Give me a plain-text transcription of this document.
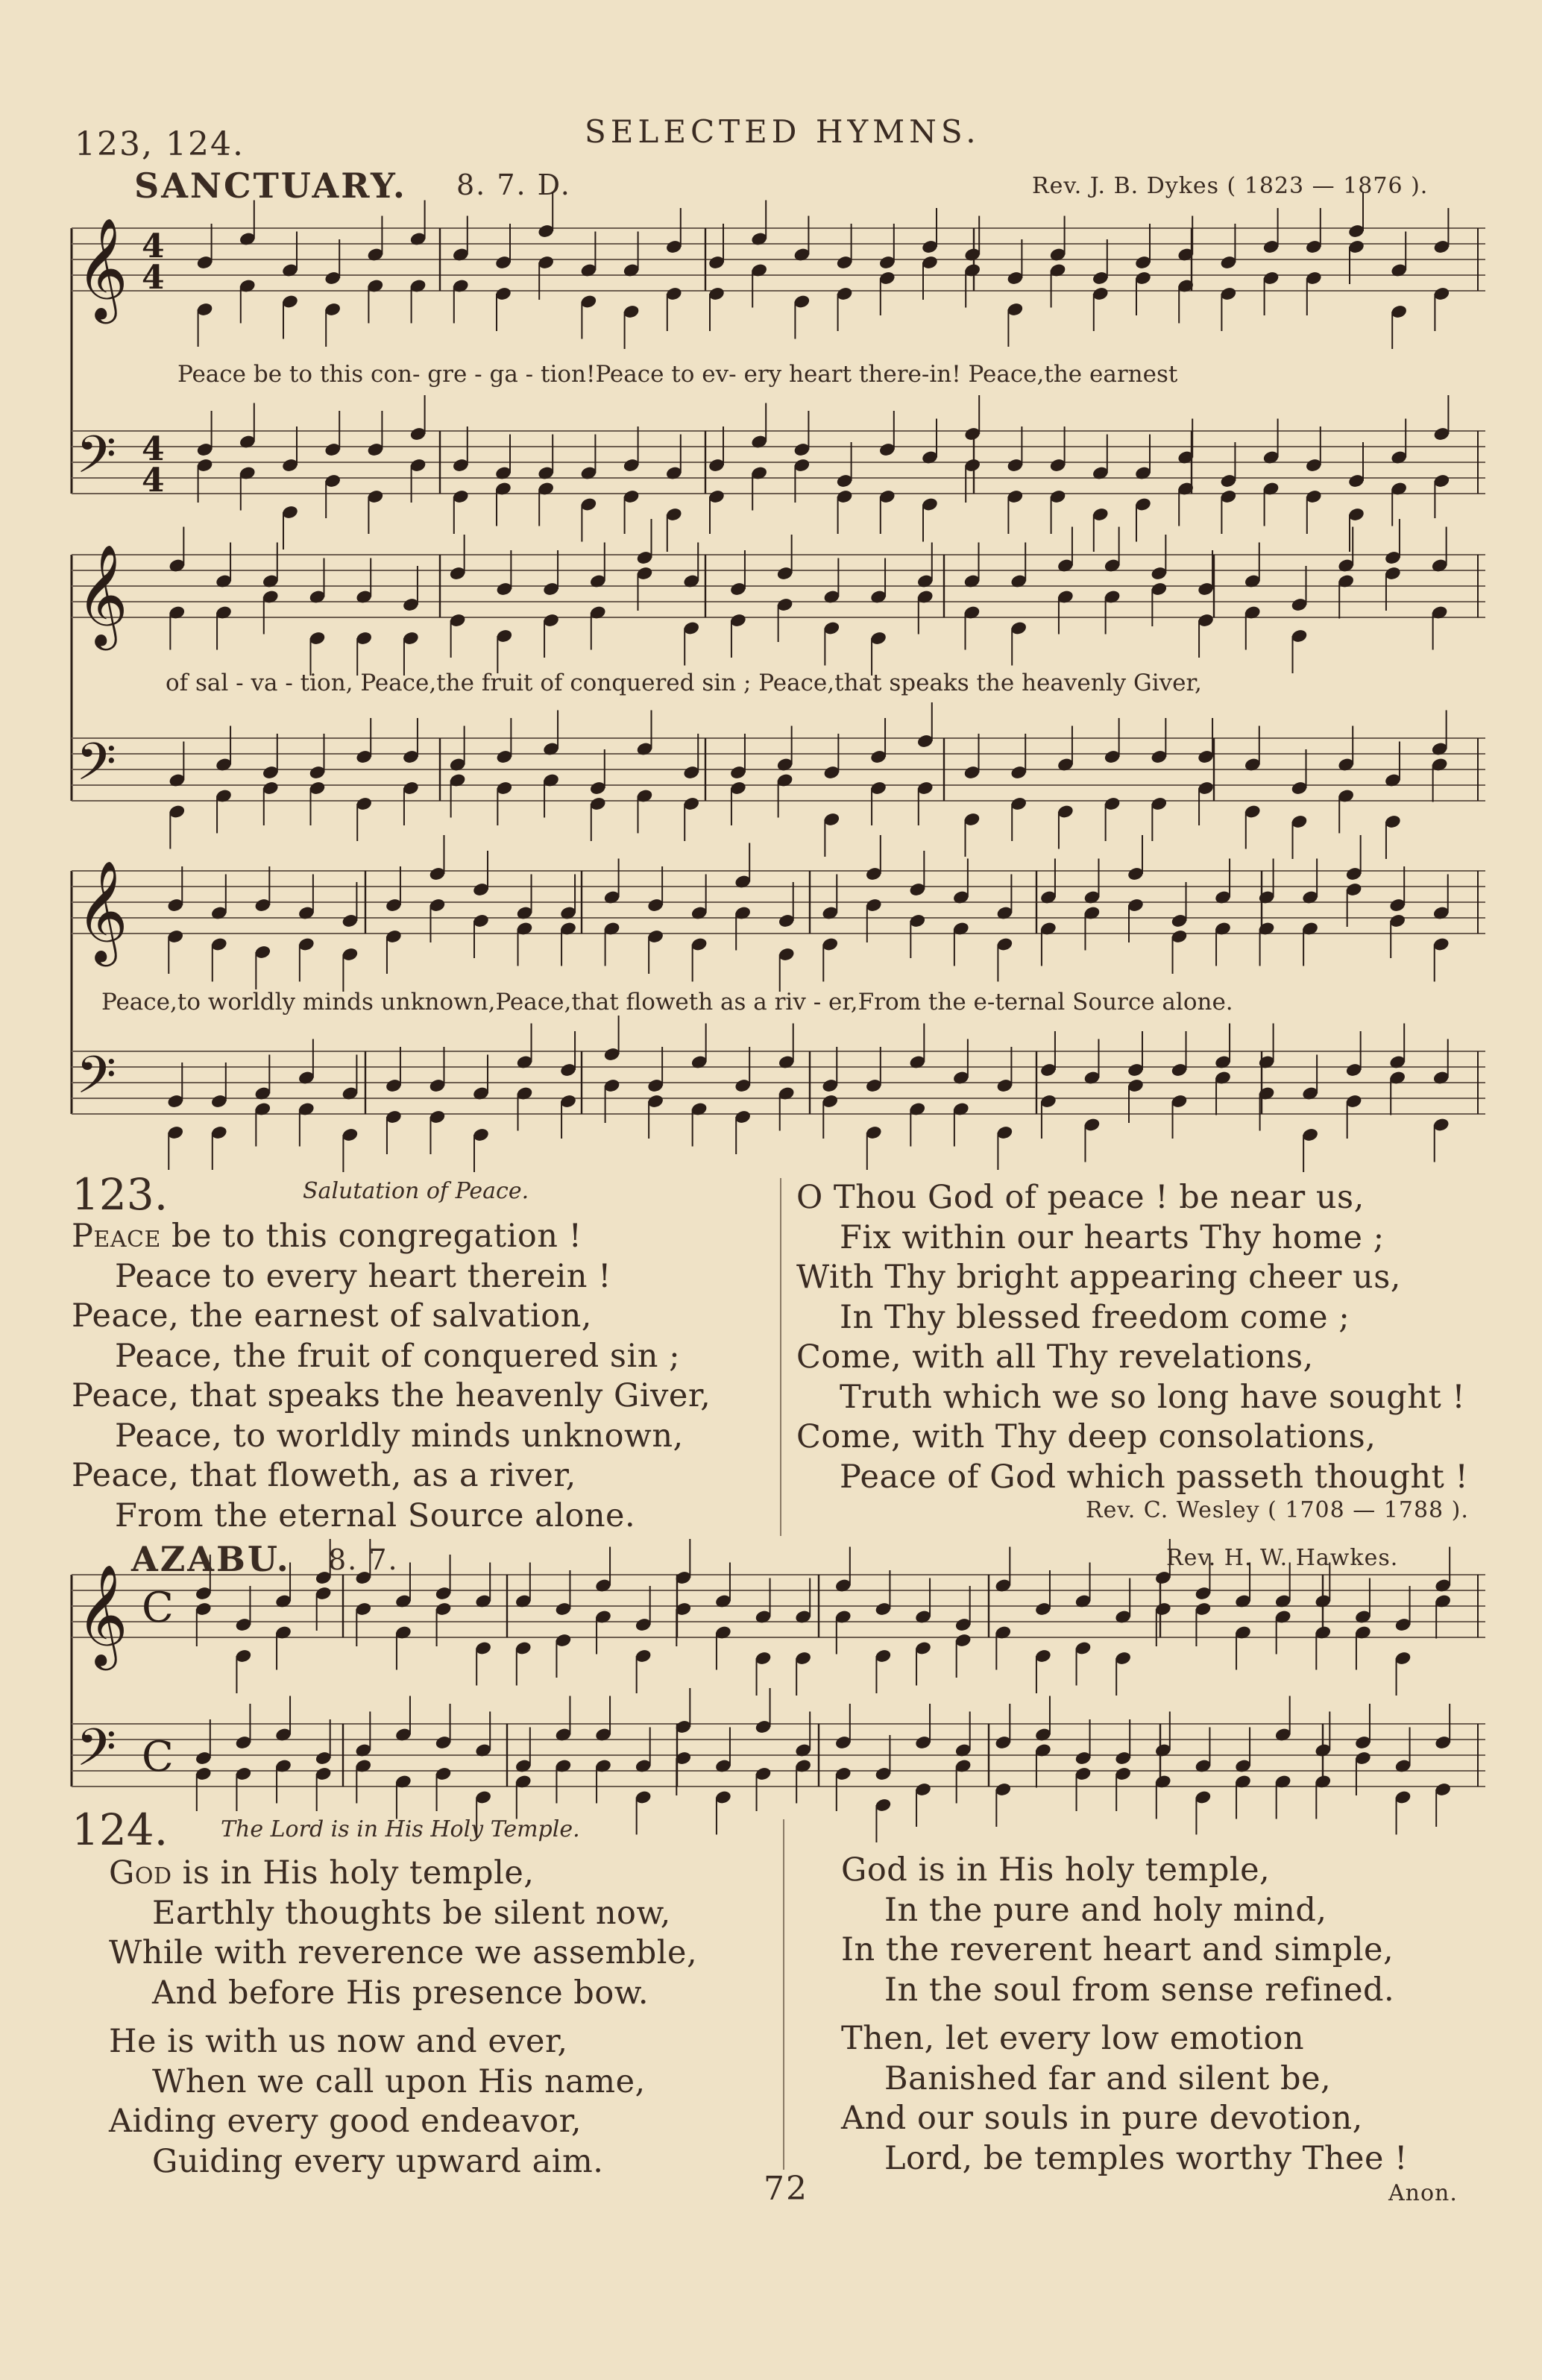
123, 124.	SELECTED HYMNS.
SANCTUARY. 8. 7. D.	Rev. J. B. Dykes ( 1823 — 1876 ).
𝄞 4
4
𝄢 4
4
𝄞
𝄢
𝄞
𝄢
𝄞 C
𝄢 C
Peace be to this con- gre - ga - tion!Peace to ev- ery heart there-in! Peace,the earnest
of sal - va - tion, Peace,the fruit of conquered sin ; Peace,that speaks the heavenly Giver,
Peace,to worldly minds unknown,Peace,that floweth as a riv - er,From the e-ternal Source alone.
123.	Salutation of Peace.
Peace be to this congregation !
Peace to every heart therein !
Peace, the earnest of salvation,
Peace, the fruit of conquered sin ;
Peace, that speaks the heavenly Giver,
Peace, to worldly minds unknown,
Peace, that floweth, as a river,
From the eternal Source alone.
O Thou God of peace ! be near us,
Fix within our hearts Thy home ;
With Thy bright appearing cheer us,
In Thy blessed freedom come ;
Come, with all Thy revelations,
Truth which we so long have sought !
Come, with Thy deep consolations,
Peace of God which passeth thought !
Rev. C. Wesley ( 1708 — 1788 ).
AZABU. 8. 7.	Rev. H. W. Hawkes.
124. The Lord is in His Holy Temple.
God is in His holy temple,
Earthly thoughts be silent now,
While with reverence we assemble,
And before His presence bow.
He is with us now and ever,
When we call upon His name,
Aiding every good endeavor,
Guiding every upward aim.
God is in His holy temple,
In the pure and holy mind,
In the reverent heart and simple,
In the soul from sense refined.
Then, let every low emotion
Banished far and silent be,
And our souls in pure devotion,
Lord, be temples worthy Thee !
Anon.
72
